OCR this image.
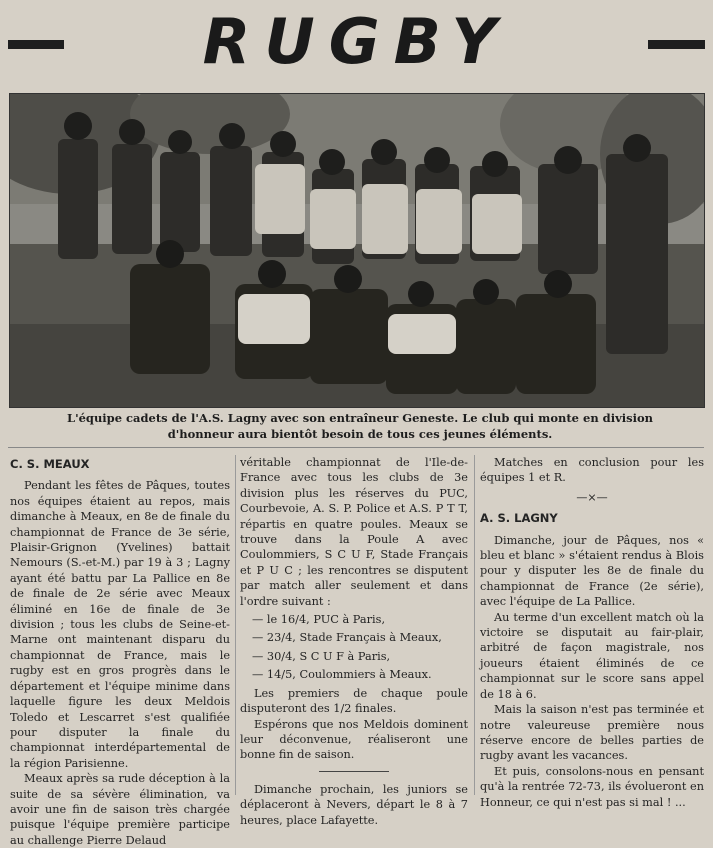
RUGBY
L'équipe cadets de l'A.S. Lagny avec son entraîneur Geneste. Le club qui monte en division
d'honneur aura bientôt besoin de tous ces jeunes éléments.
C. S. MEAUX

Pendant les fêtes de Pâques, toutes nos équipes étaient au repos, mais dimanche à Meaux, en 8e de finale du championnat de France de 3e série, Plaisir-Grignon (Yvelines) battait Nemours (S.-et-M.) par 19 à 3 ; Lagny ayant été battu par La Pallice en 8e de finale de 2e série avec Meaux éliminé en 16e de finale de 3e division ; tous les clubs de Seine-et-Marne ont maintenant disparu du championnat de France, mais le rugby est en gros progrès dans le département et l'équipe minime dans laquelle figure les deux Meldois Toledo et Lescarret s'est qualifiée pour disputer la finale du championnat interdépartemental de la région Parisienne.

Meaux après sa rude déception à la suite de sa sévère élimination, va avoir une fin de saison très chargée puisque l'équipe première participe au challenge Pierre Delaud

véritable championnat de l'Ile-de-France avec tous les clubs de 3e division plus les réserves du PUC, Courbevoie, A. S. P. Police et A.S. P T T, répartis en quatre poules. Meaux se trouve dans la Poule A avec Coulommiers, S C U F, Stade Français et P U C ; les rencontres se disputent par match aller seulement et dans l'ordre suivant :

— le 16/4, PUC à Paris,

— 23/4, Stade Français à Meaux,

— 30/4, S C U F à Paris,

— 14/5, Coulommiers à Meaux.

Les premiers de chaque poule disputeront des 1/2 finales.

Espérons que nos Meldois dominent leur déconvenue, réaliseront une bonne fin de saison.

Dimanche prochain, les juniors se déplaceront à Nevers, départ le 8 à 7 heures, place Lafayette.

Matches en conclusion pour les équipes 1 et R.

—×—
A. S. LAGNY

Dimanche, jour de Pâques, nos « bleu et blanc » s'étaient rendus à Blois pour y disputer les 8e de finale du championnat de France (2e série), avec l'équipe de La Pallice.

Au terme d'un excellent match où la victoire se disputait au fair-plair, arbitré de façon magistrale, nos joueurs étaient éliminés de ce championnat sur le score sans appel de 18 à 6.

Mais la saison n'est pas terminée et notre valeureuse première nous réserve encore de belles parties de rugby avant les vacances.

Et puis, consolons-nous en pensant qu'à la rentrée 72-73, ils évolueront en Honneur, ce qui n'est pas si mal ! ...
